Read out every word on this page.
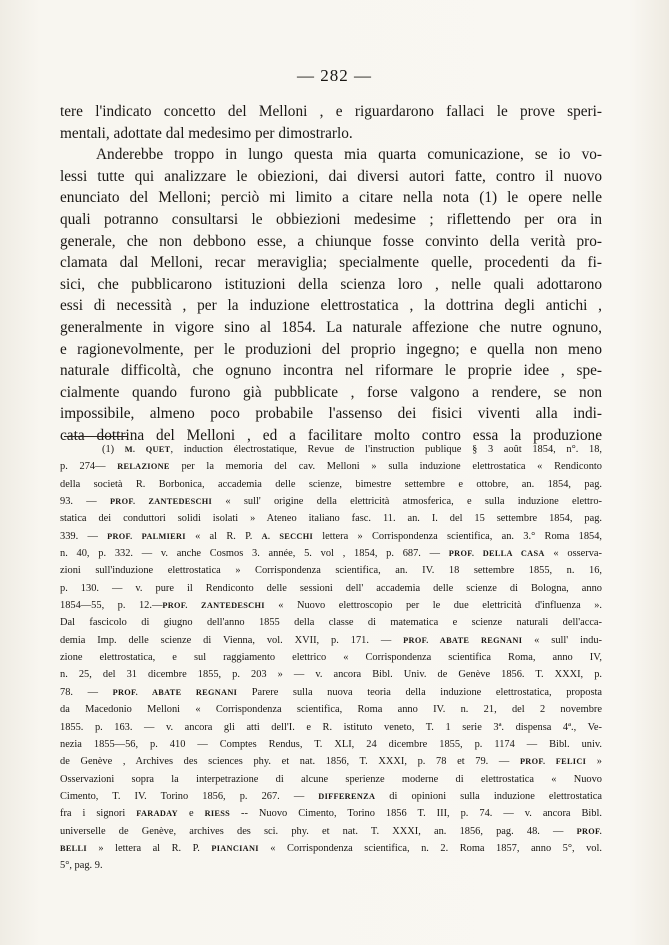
— 282 —
tere l'indicato concetto del Melloni , e riguardarono fallaci le prove speri-
mentali, adottate dal medesimo per dimostrarlo.
Anderebbe troppo in lungo questa mia quarta comunicazione, se io vo-
lessi tutte qui analizzare le obiezioni, dai diversi autori fatte, contro il nuovo
enunciato del Melloni; perciò mi limito a citare nella nota (1) le opere nelle
quali potranno consultarsi le obbiezioni medesime ; riflettendo per ora in
generale, che non debbono esse, a chiunque fosse convinto della verità pro-
clamata dal Melloni, recar meraviglia; specialmente quelle, procedenti da fi-
sici, che pubblicarono istituzioni della scienza loro , nelle quali adottarono
essi di necessità , per la induzione elettrostatica , la dottrina degli antichi ,
generalmente in vigore sino al 1854. La naturale affezione che nutre ognuno,
e ragionevolmente, per le produzioni del proprio ingegno; e quella non meno
naturale difficoltà, che ognuno incontra nel riformare le proprie idee , spe-
cialmente quando furono già pubblicate , forse valgono a rendere, se non
impossibile, almeno poco probabile l'assenso dei fisici viventi alla indi-
cata dottrina del Melloni , ed a facilitare molto contro essa la produzione
(1) M. QUET, induction électrostatique, Revue de l'instruction publique § 3 août 1854, n°. 18,
p. 274— RELAZIONE per la memoria del cav. Melloni » sulla induzione elettrostatica « Rendiconto
della società R. Borbonica, accademia delle scienze, bimestre settembre e ottobre, an. 1854, pag.
93. — PROF. ZANTEDESCHI « sull' origine della elettricità atmosferica, e sulla induzione elettro-
statica dei conduttori solidi isolati » Ateneo italiano fasc. 11. an. I. del 15 settembre 1854, pag.
339. — PROF. PALMIERI « al R. P. A. SECCHI lettera » Corrispondenza scientifica, an. 3.° Roma 1854,
n. 40, p. 332. — v. anche Cosmos 3. année, 5. vol , 1854, p. 687. — PROF. DELLA CASA « osserva-
zioni sull'induzione elettrostatica » Corrispondenza scientifica, an. IV. 18 settembre 1855, n. 16,
p. 130. — v. pure il Rendiconto delle sessioni dell' accademia delle scienze di Bologna, anno
1854—55, p. 12.—PROF. ZANTEDESCHI « Nuovo elettroscopio per le due elettricità d'influenza ».
Dal fascicolo di giugno dell'anno 1855 della classe di matematica e scienze naturali dell'acca-
demia Imp. delle scienze di Vienna, vol. XVII, p. 171. — PROF. ABATE REGNANI « sull' indu-
zione elettrostatica, e sul raggiamento elettrico « Corrispondenza scientifica Roma, anno IV,
n. 25, del 31 dicembre 1855, p. 203 » — v. ancora Bibl. Univ. de Genève 1856. T. XXXI, p.
78. — PROF. ABATE REGNANI Parere sulla nuova teoria della induzione elettrostatica, proposta
da Macedonio Melloni « Corrispondenza scientifica, Roma anno IV. n. 21, del 2 novembre
1855. p. 163. — v. ancora gli atti dell'I. e R. istituto veneto, T. 1 serie 3ª. dispensa 4ª., Ve-
nezia 1855—56, p. 410 — Comptes Rendus, T. XLI, 24 dicembre 1855, p. 1174 — Bibl. univ.
de Genève , Archives des sciences phy. et nat. 1856, T. XXXI, p. 78 et 79. — PROF. FELICI »
Osservazioni sopra la interpetrazione di alcune sperienze moderne di elettrostatica « Nuovo
Cimento, T. IV. Torino 1856, p. 267. — DIFFERENZA di opinioni sulla induzione elettrostatica
fra i signori FARADAY e RIESS -- Nuovo Cimento, Torino 1856 T. III, p. 74. — v. ancora Bibl.
universelle de Genève, archives des sci. phy. et nat. T. XXXI, an. 1856, pag. 48. — PROF.
BELLI » lettera al R. P. PIANCIANI « Corrispondenza scientifica, n. 2. Roma 1857, anno 5°, vol.
5°, pag. 9.
